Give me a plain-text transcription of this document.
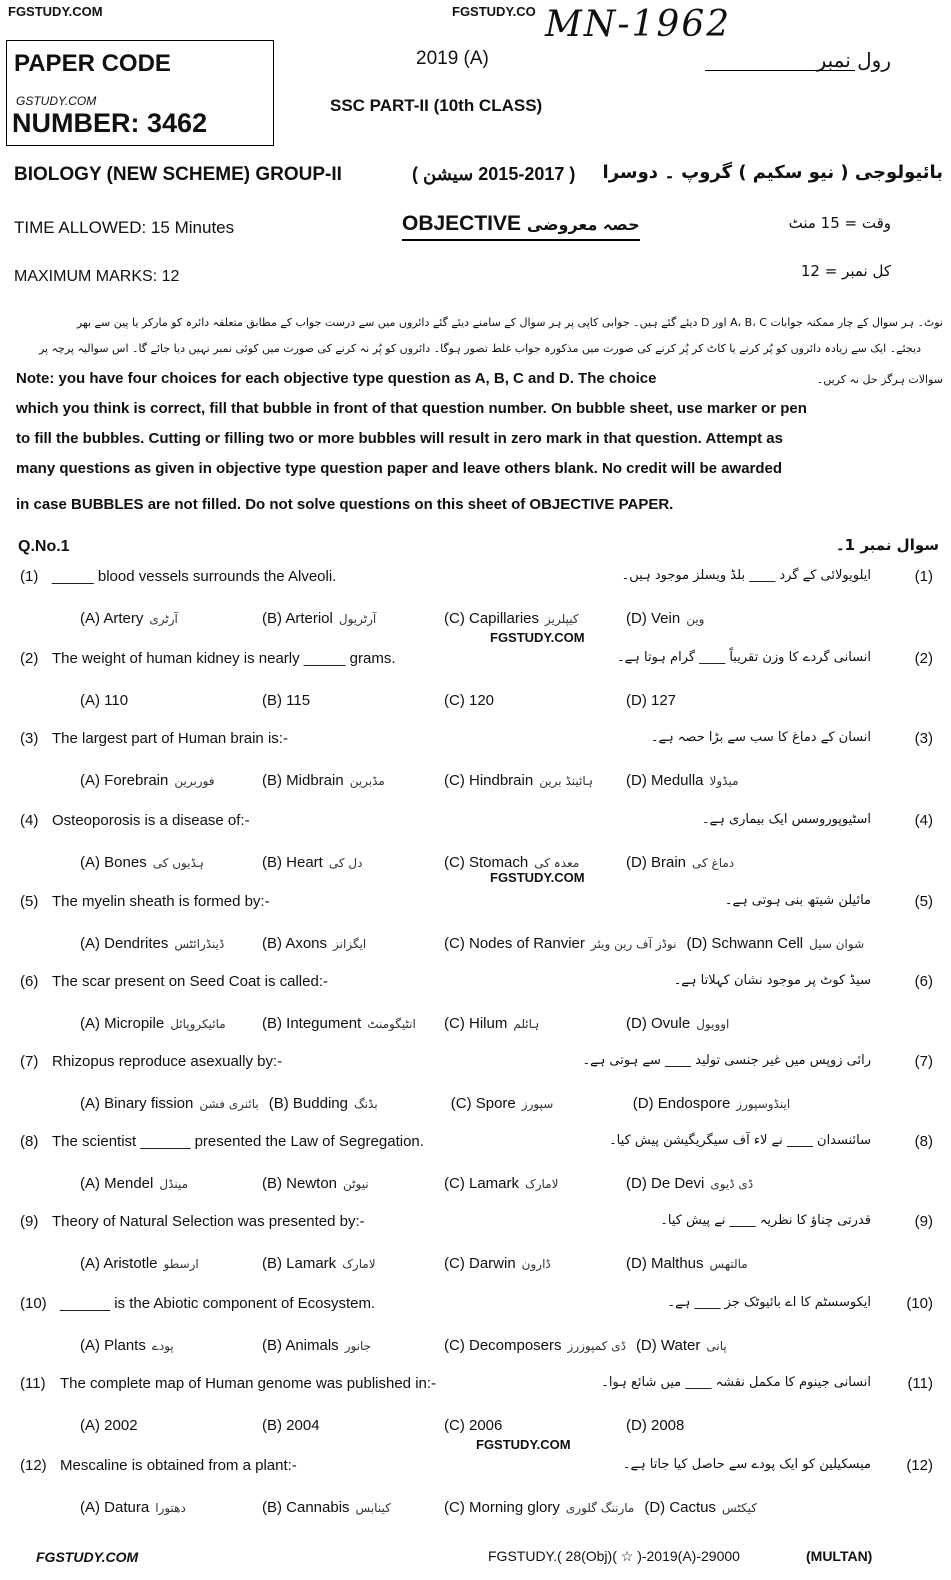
FGSTUDY.COM	FGSTUDY.CO MN-1962
PAPER CODE
GSTUDY.COM
NUMBER: 3462
2019 (A)
SSC PART-II (10th CLASS)
رول نمبر
BIOLOGY (NEW SCHEME) GROUP-II	( 2015-2017 سیشن ) بائیولوجی ( نیو سکیم ) گروپ ۔ دوسرا
TIME ALLOWED: 15 Minutes	OBJECTIVE حصہ معروضی	وقت = 15 منٹ
MAXIMUM MARKS: 12	کل نمبر = 12
نوٹ۔ ہر سوال کے چار ممکنہ جوابات A، B، C اور D دیئے گئے ہیں۔ جوابی کاپی پر ہر سوال کے سامنے دیئے گئے دائروں میں سے درست جواب کے مطابق متعلقہ دائرہ کو مارکر یا پین سے بھر
دیجئے۔ ایک سے زیادہ دائروں کو پُر کرنے یا کاٹ کر پُر کرنے کی صورت میں مذکورہ جواب غلط تصور ہوگا۔ دائروں کو پُر نہ کرنے کی صورت میں کوئی نمبر نہیں دیا جائے گا۔ اس سوالیہ پرچہ پر
سوالات ہرگز حل نہ کریں۔
Note: you have four choices for each objective type question as A, B, C and D. The choice
which you think is correct, fill that bubble in front of that question number. On bubble sheet, use marker or pen
to fill the bubbles. Cutting or filling two or more bubbles will result in zero mark in that question. Attempt as
many questions as given in objective type question paper and leave others blank. No credit will be awarded
in case BUBBLES are not filled. Do not solve questions on this sheet of OBJECTIVE PAPER.
Q.No.1	سوال نمبر 1۔
FGSTUDY.COM
FGSTUDY.COM
FGSTUDY.COM
(1) _____ blood vessels surrounds the Alveoli.	ایلویولائی کے گرد ____ بلڈ ویسلز موجود ہیں۔	(1)
(A) Artery آرٹری	(B) Arteriol آرٹریول	(C) Capillaries کیپلریز	(D) Vein وین
(2) The weight of human kidney is nearly _____ grams.	انسانی گردے کا وزن تقریباً ____ گرام ہوتا ہے۔	(2)
(A) 110	(B) 115	(C) 120	(D) 127
(3) The largest part of Human brain is:-	انسان کے دماغ کا سب سے بڑا حصہ ہے۔	(3)
(A) Forebrain فوربرین	(B) Midbrain مڈبرین	(C) Hindbrain ہائینڈ برین	(D) Medulla میڈولا
(4) Osteoporosis is a disease of:-	اسٹیوپوروسس ایک بیماری ہے۔	(4)
(A) Bones ہڈیوں کی	(B) Heart دل کی	(C) Stomach معدہ کی	(D) Brain دماغ کی
(5) The myelin sheath is formed by:-	مائیلن شیتھ بنی ہوتی ہے۔	(5)
(A) Dendrites ڈینڈرائٹس	(B) Axons ایگزانز	(C) Nodes of Ranvier نوڈز آف رین ویئر (D) Schwann Cell شوان سیل
(6) The scar present on Seed Coat is called:-	سیڈ کوٹ پر موجود نشان کہلاتا ہے۔	(6)
(A) Micropile مائیکروپائل	(B) Integument انٹیگومنٹ	(C) Hilum ہائلم	(D) Ovule اوویول
(7) Rhizopus reproduce asexually by:-	رائی زوپس میں غیر جنسی تولید ____ سے ہوتی ہے۔	(7)
(A) Binary fission بائنری فشن (B) Budding بڈنگ	(C) Spore سپورز	(D) Endospore اینڈوسپورز
(8) The scientist ______ presented the Law of Segregation.	سائنسدان ____ نے لاء آف سیگریگیشن پیش کیا۔	(8)
(A) Mendel مینڈل	(B) Newton نیوٹن	(C) Lamark لامارک	(D) De Devi ڈی ڈیوی
(9) Theory of Natural Selection was presented by:-	قدرتی چناؤ کا نظریہ ____ نے پیش کیا۔	(9)
(A) Aristotle ارسطو	(B) Lamark لامارک	(C) Darwin ڈارون	(D) Malthus مالتھس
(10) ______ is the Abiotic component of Ecosystem.	ایکوسسٹم کا اے بائیوٹک جز ____ ہے۔ (10)
(A) Plants پودے	(B) Animals جانور	(C) Decomposers ڈی کمپوزرز (D) Water پانی
(11) The complete map of Human genome was published in:-	انسانی جینوم کا مکمل نقشہ ____ میں شائع ہوا۔ (11)
(A) 2002	(B) 2004	(C) 2006	(D) 2008
(12) Mescaline is obtained from a plant:-	میسکیلین کو ایک پودے سے حاصل کیا جاتا ہے۔ (12)
(A) Datura دھتورا	(B) Cannabis کینابس	(C) Morning glory مارننگ گلوری (D) Cactus کیکٹس
FGSTUDY.COM	FGSTUDY.( 28(Obj)( ☆ )-2019(A)-29000	(MULTAN)
